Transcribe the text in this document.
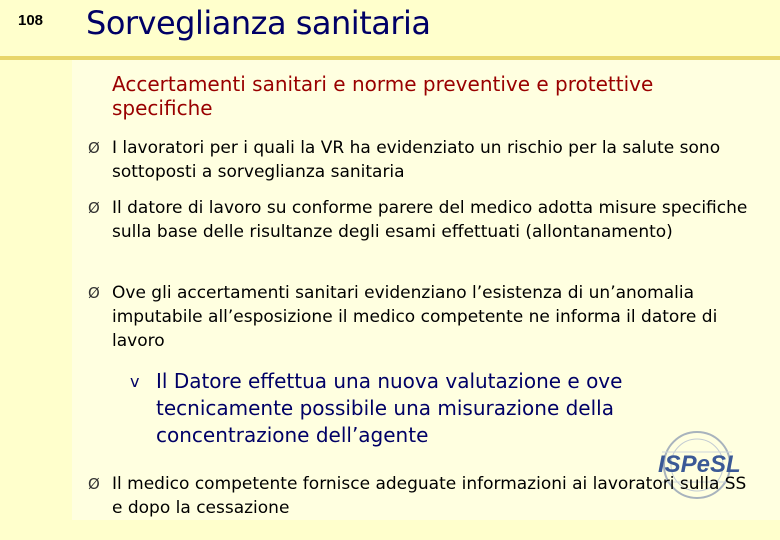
108 Sorveglianza sanitaria
Accertamenti sanitari e norme preventive e protettive specifiche
Ø I lavoratori per i quali la VR ha evidenziato un rischio per la salute sono sottoposti a sorveglianza sanitaria
Ø Il datore di lavoro su conforme parere del medico adotta misure specifiche sulla base delle risultanze degli esami effettuati (allontanamento)
Ø Ove gli accertamenti sanitari evidenziano l’esistenza di un’anomalia imputabile all’esposizione il medico competente ne informa il datore di lavoro
v Il Datore effettua una nuova valutazione e ove tecnicamente possibile una misurazione della concentrazione dell’agente
ISPeSL
Ø Il medico competente fornisce adeguate informazioni ai lavoratori sulla SS e dopo la cessazione
